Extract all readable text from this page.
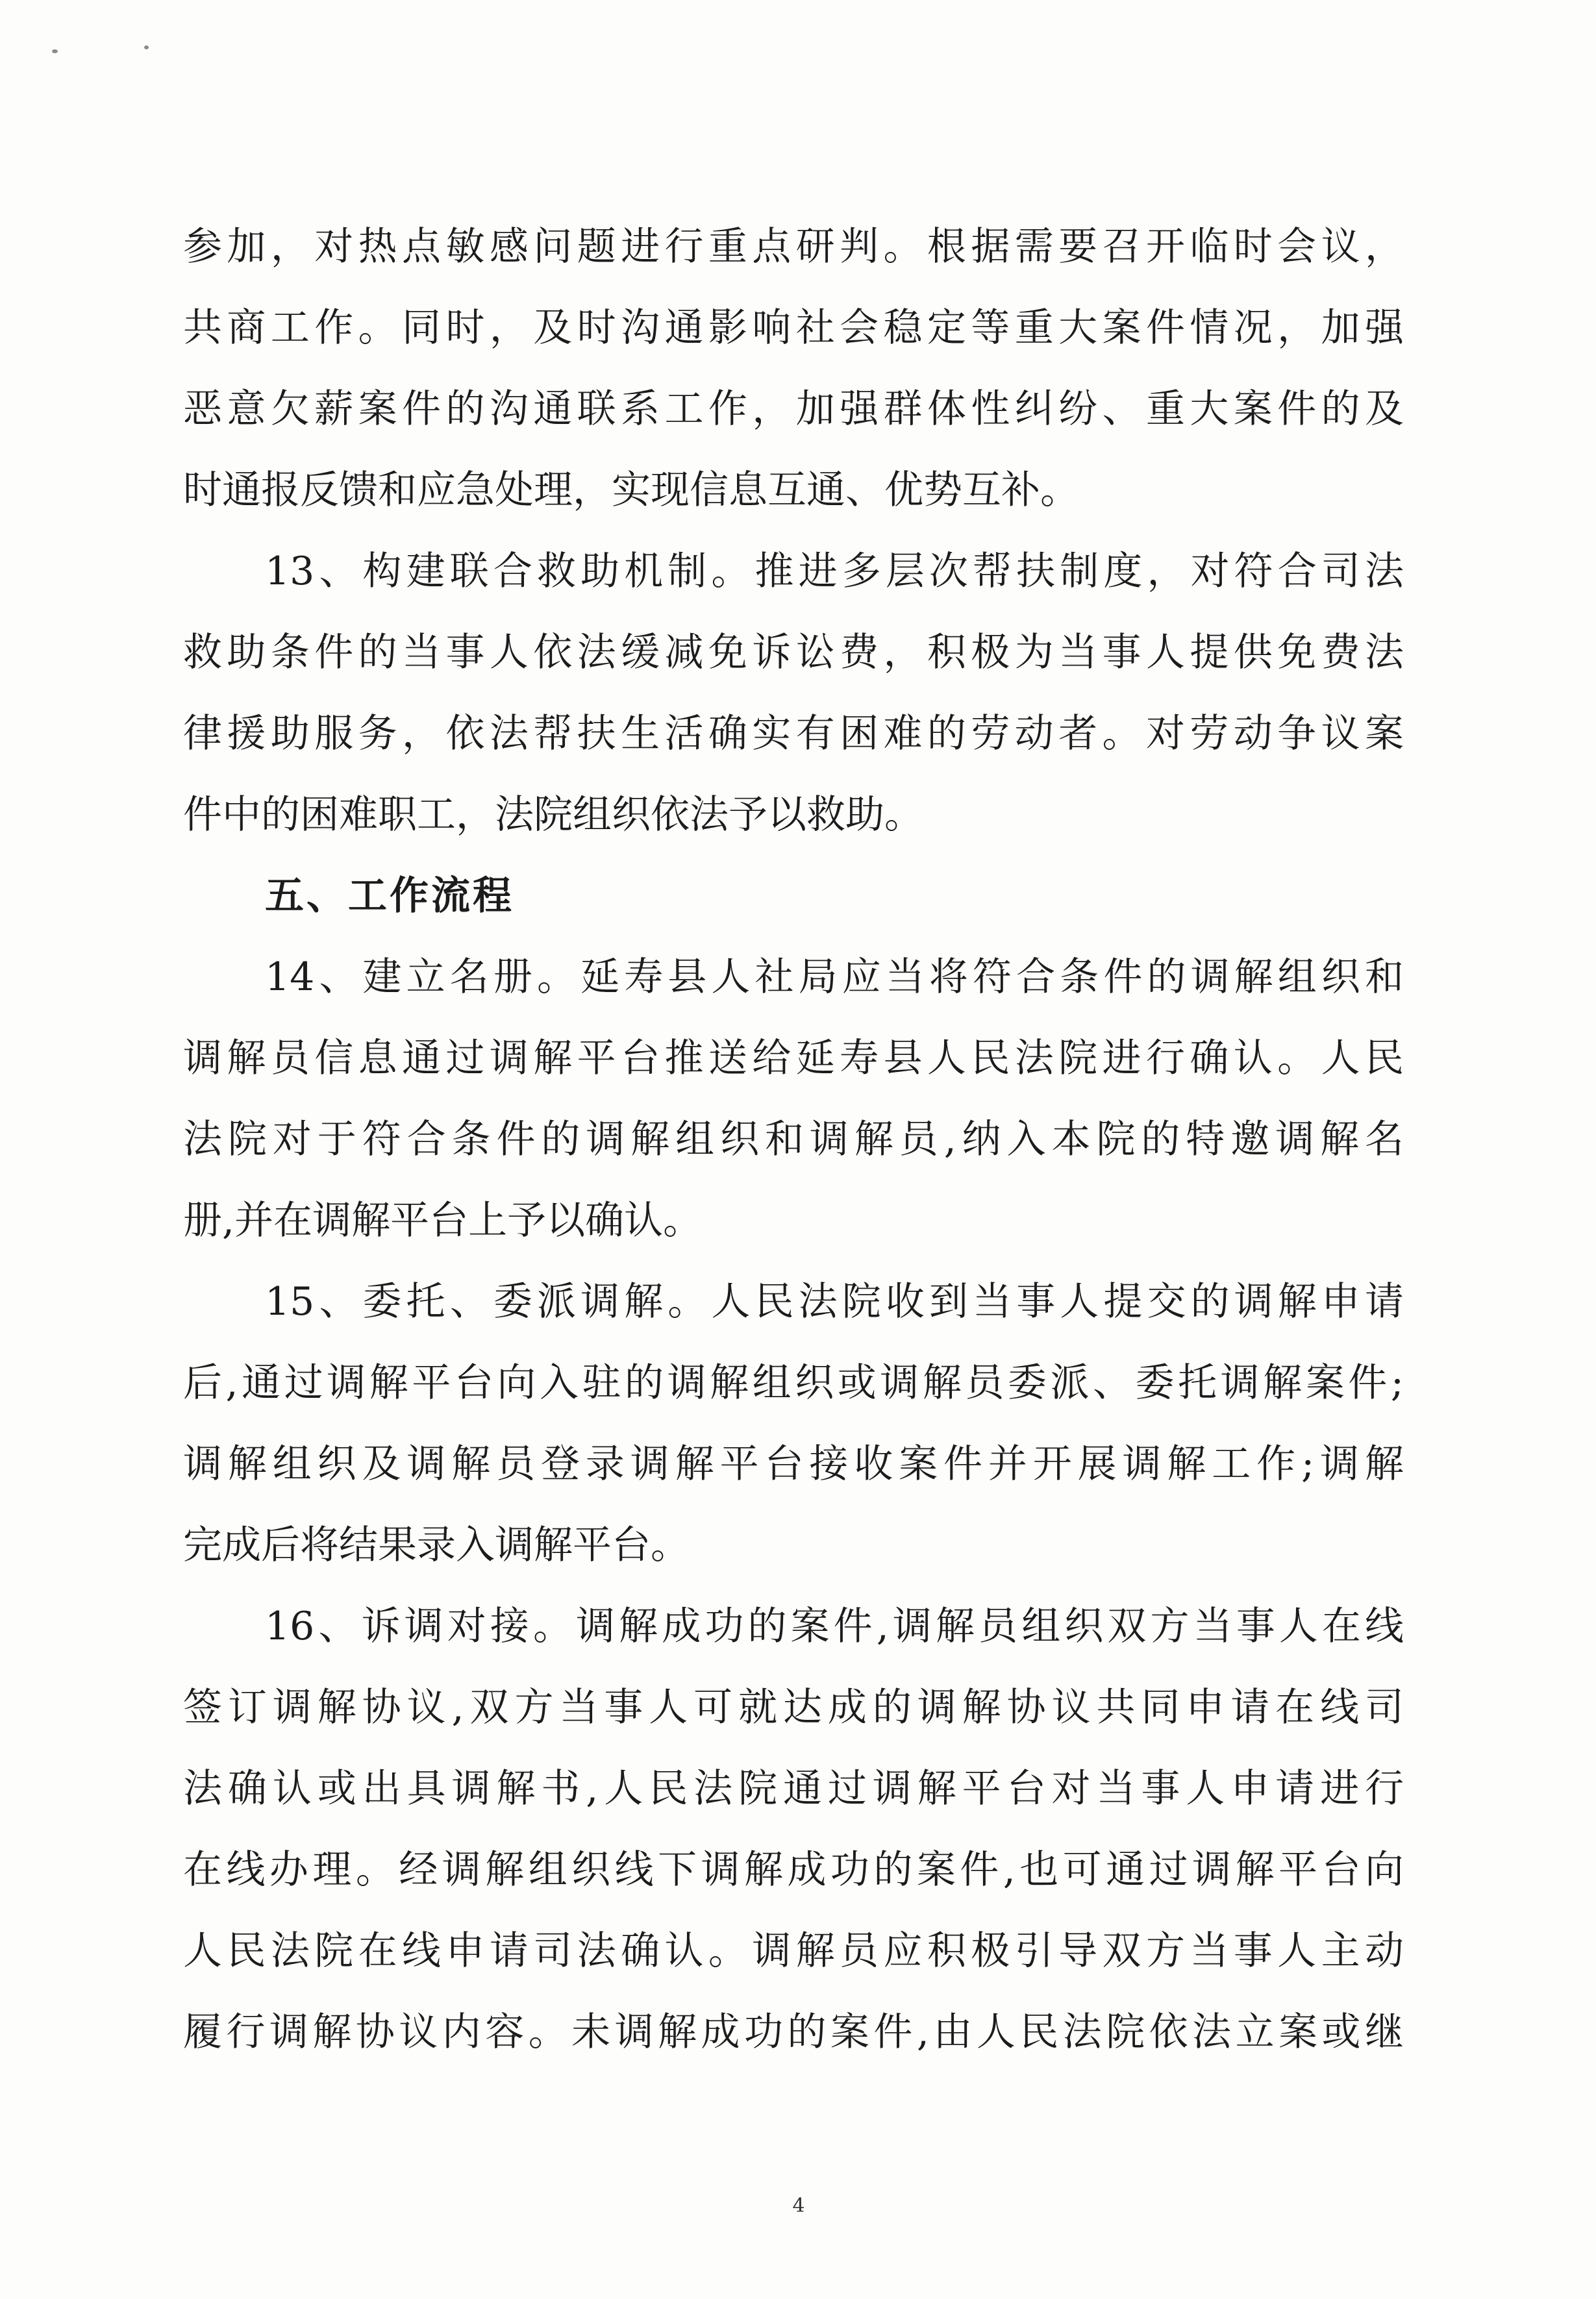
参加，对热点敏感问题进行重点研判。根据需要召开临时会议，
共商工作。同时，及时沟通影响社会稳定等重大案件情况，加强
恶意欠薪案件的沟通联系工作，加强群体性纠纷、重大案件的及
时通报反馈和应急处理，实现信息互通、优势互补。
13、构建联合救助机制。推进多层次帮扶制度，对符合司法
救助条件的当事人依法缓减免诉讼费，积极为当事人提供免费法
律援助服务，依法帮扶生活确实有困难的劳动者。对劳动争议案
件中的困难职工，法院组织依法予以救助。
五、工作流程
14、建立名册。延寿县人社局应当将符合条件的调解组织和
调解员信息通过调解平台推送给延寿县人民法院进行确认。人民
法院对于符合条件的调解组织和调解员,纳入本院的特邀调解名
册,并在调解平台上予以确认。
15、委托、委派调解。人民法院收到当事人提交的调解申请
后,通过调解平台向入驻的调解组织或调解员委派、委托调解案件;
调解组织及调解员登录调解平台接收案件并开展调解工作;调解
完成后将结果录入调解平台。
16、诉调对接。调解成功的案件,调解员组织双方当事人在线
签订调解协议,双方当事人可就达成的调解协议共同申请在线司
法确认或出具调解书,人民法院通过调解平台对当事人申请进行
在线办理。经调解组织线下调解成功的案件,也可通过调解平台向
人民法院在线申请司法确认。调解员应积极引导双方当事人主动
履行调解协议内容。未调解成功的案件,由人民法院依法立案或继
4
